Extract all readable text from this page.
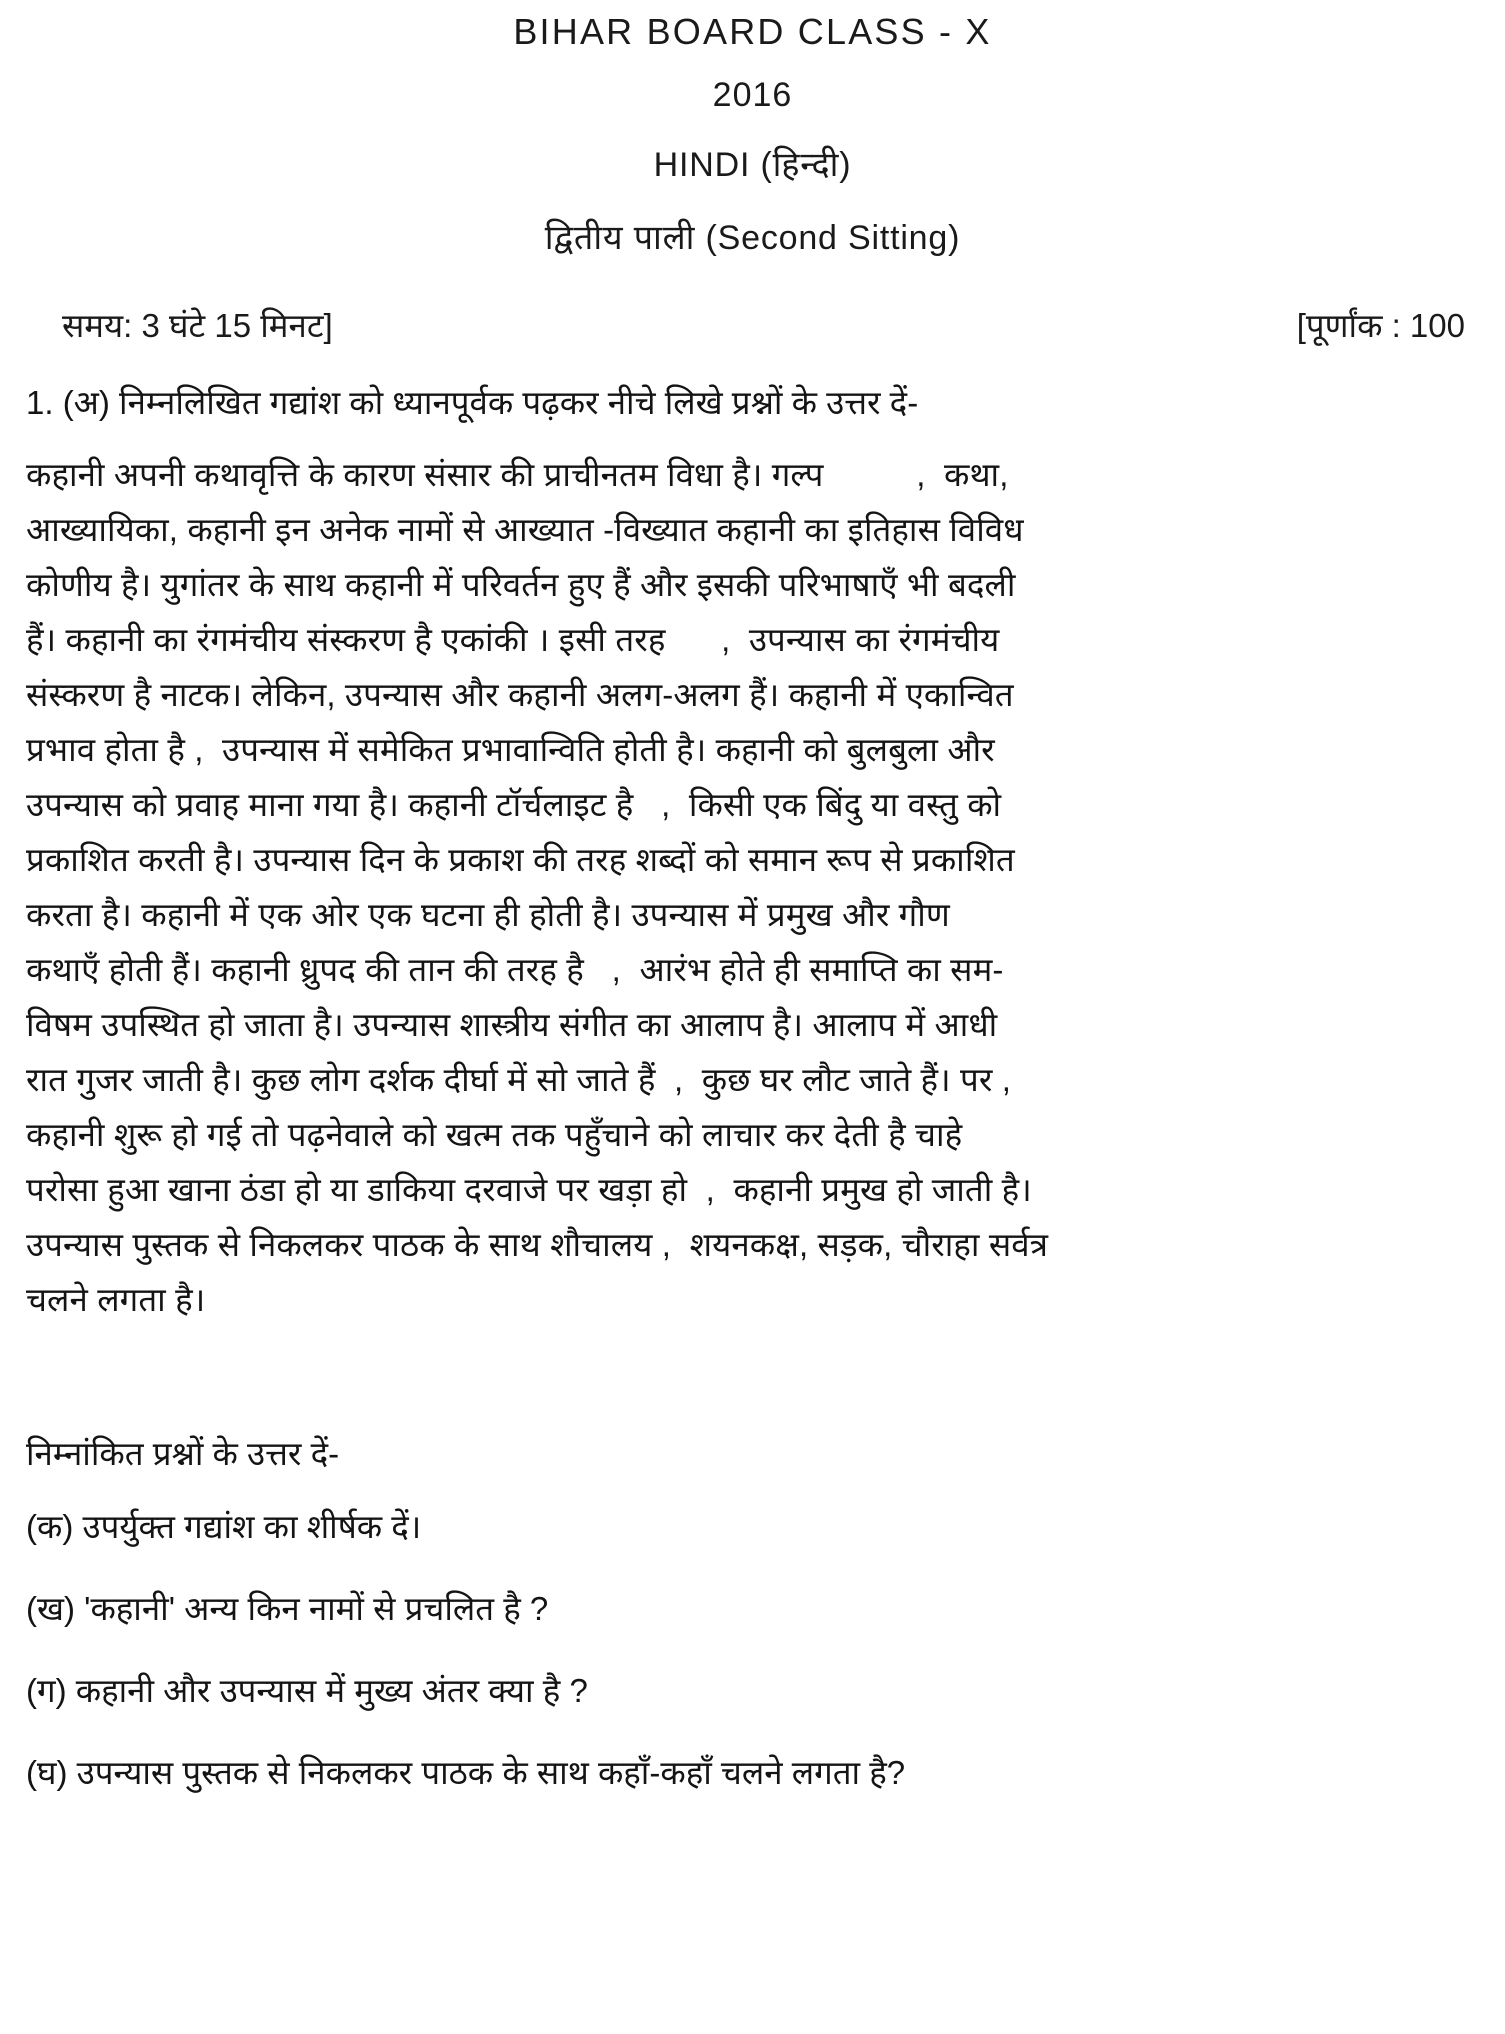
BIHAR BOARD CLASS - X
2016
HINDI (हिन्दी)
द्वितीय पाली (Second Sitting)
समय: 3 घंटे 15 मिनट]	[पूर्णांक : 100
1. (अ) निम्नलिखित गद्यांश को ध्यानपूर्वक पढ़कर नीचे लिखे प्रश्नों के उत्तर दें-
कहानी अपनी कथावृत्ति के कारण संसार की प्राचीनतम विधा है। गल्प          ,  कथा,
आख्यायिका, कहानी इन अनेक नामों से आख्यात -विख्यात कहानी का इतिहास विविध
कोणीय है। युगांतर के साथ कहानी में परिवर्तन हुए हैं और इसकी परिभाषाएँ भी बदली
हैं। कहानी का रंगमंचीय संस्करण है एकांकी । इसी तरह      ,  उपन्यास का रंगमंचीय
संस्करण है नाटक। लेकिन, उपन्यास और कहानी अलग-अलग हैं। कहानी में एकान्वित
प्रभाव होता है ,  उपन्यास में समेकित प्रभावान्विति होती है। कहानी को बुलबुला और
उपन्यास को प्रवाह माना गया है। कहानी टॉर्चलाइट है   ,  किसी एक बिंदु या वस्तु को
प्रकाशित करती है। उपन्यास दिन के प्रकाश की तरह शब्दों को समान रूप से प्रकाशित
करता है। कहानी में एक ओर एक घटना ही होती है। उपन्यास में प्रमुख और गौण
कथाएँ होती हैं। कहानी ध्रुपद की तान की तरह है   ,  आरंभ होते ही समाप्ति का सम-
विषम उपस्थित हो जाता है। उपन्यास शास्त्रीय संगीत का आलाप है। आलाप में आधी
रात गुजर जाती है। कुछ लोग दर्शक दीर्घा में सो जाते हैं  ,  कुछ घर लौट जाते हैं। पर ,
कहानी शुरू हो गई तो पढ़नेवाले को खत्म तक पहुँचाने को लाचार कर देती है चाहे
परोसा हुआ खाना ठंडा हो या डाकिया दरवाजे पर खड़ा हो  ,  कहानी प्रमुख हो जाती है।
उपन्यास पुस्तक से निकलकर पाठक के साथ शौचालय ,  शयनकक्ष, सड़क, चौराहा सर्वत्र
चलने लगता है।
निम्नांकित प्रश्नों के उत्तर दें-
(क) उपर्युक्त गद्यांश का शीर्षक दें।
(ख) 'कहानी' अन्य किन नामों से प्रचलित है ?
(ग) कहानी और उपन्यास में मुख्य अंतर क्या है ?
(घ) उपन्यास पुस्तक से निकलकर पाठक के साथ कहाँ-कहाँ चलने लगता है?
